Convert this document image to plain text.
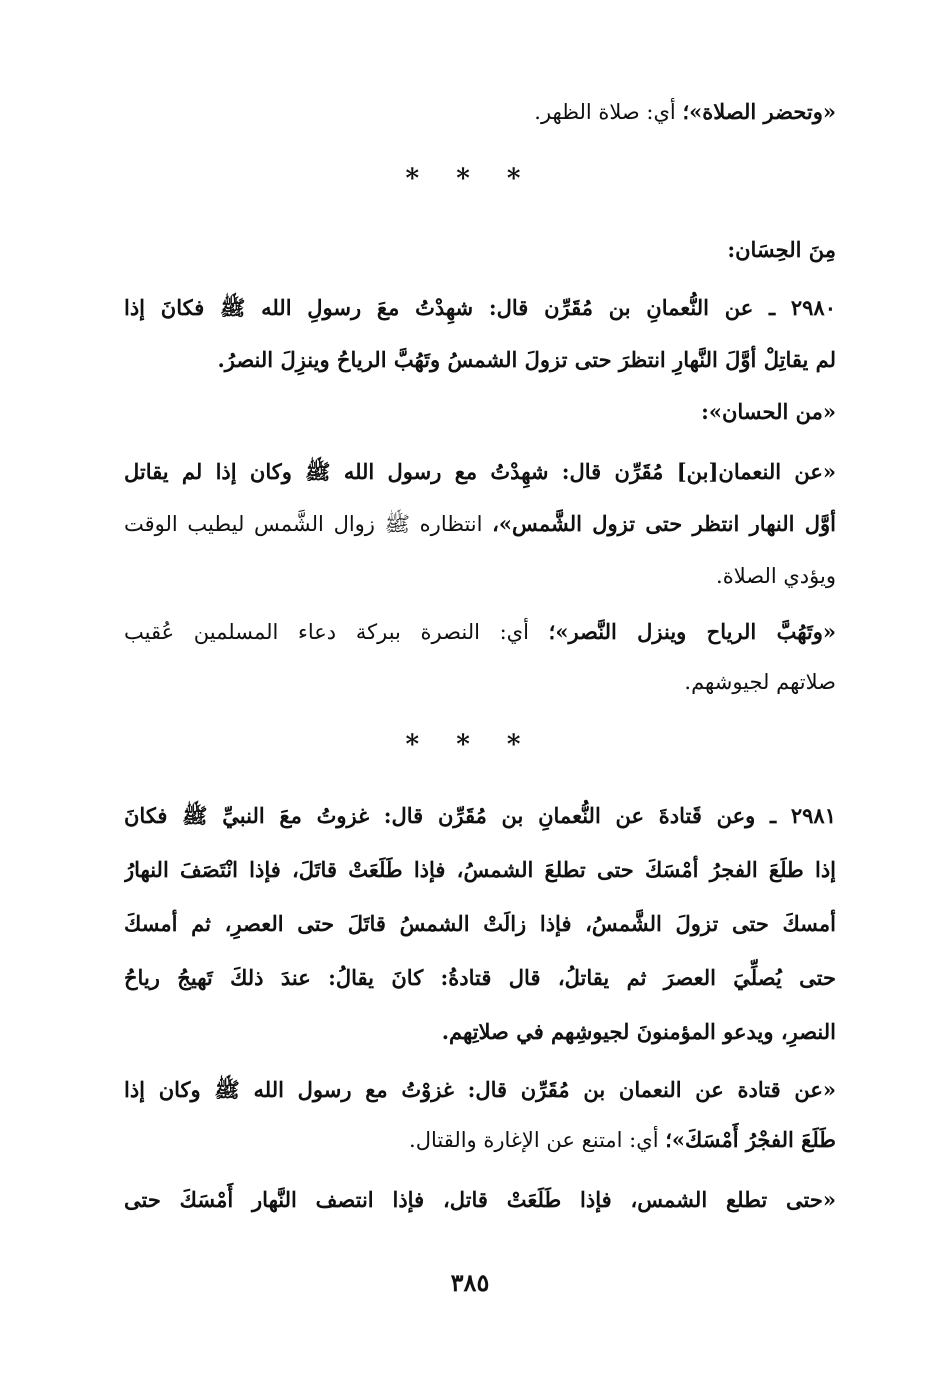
«وتحضر الصلاة»؛ أي: صلاة الظهر.
* * *
مِنَ الحِسَان:
٢٩٨٠ ـ عن النُّعمانِ بن مُقَرِّن قال: شهِدْتُ معَ رسولِ الله ﷺ فكانَ إذا
لم يقاتِلْ أوَّلَ النَّهارِ انتظرَ حتى تزولَ الشمسُ وتَهُبَّ الرياحُ وينزِلَ النصرُ.
«من الحسان»:
«عن النعمان[بن] مُقَرِّن قال: شهِدْتُ مع رسول الله ﷺ وكان إذا لم يقاتل
أوَّل النهار انتظر حتى تزول الشَّمس»، انتظاره ﷺ زوال الشَّمس ليطيب الوقت
ويؤدي الصلاة.
«وتَهُبَّ الرياح وينزل النَّصر»؛ أي: النصرة ببركة دعاء المسلمين عُقيب
صلاتهم لجيوشهم.
* * *
٢٩٨١ ـ وعن قَتادةَ عن النُّعمانِ بن مُقَرِّن قال: غزوتُ معَ النبيِّ ﷺ فكانَ
إذا طلَعَ الفجرُ أمْسَكَ حتى تطلعَ الشمسُ، فإذا طَلَعَتْ قاتَلَ، فإذا انْتَصَفَ النهارُ
أمسكَ حتى تزولَ الشَّمسُ، فإذا زالَتْ الشمسُ قاتَلَ حتى العصرِ، ثم أمسكَ
حتى يُصلِّيَ العصرَ ثم يقاتلُ، قال قتادةُ: كانَ يقالُ: عندَ ذلكَ تَهيجُ رياحُ
النصرِ، ويدعو المؤمنونَ لجيوشِهم في صلاتِهم.
«عن قتادة عن النعمان بن مُقَرِّن قال: غزوْتُ مع رسول الله ﷺ وكان إذا
طَلَعَ الفجْرُ أَمْسَكَ»؛ أي: امتنع عن الإغارة والقتال.
«حتى تطلع الشمس، فإذا طَلَعَتْ قاتل، فإذا انتصف النَّهار أَمْسَكَ حتى
٣٨٥
